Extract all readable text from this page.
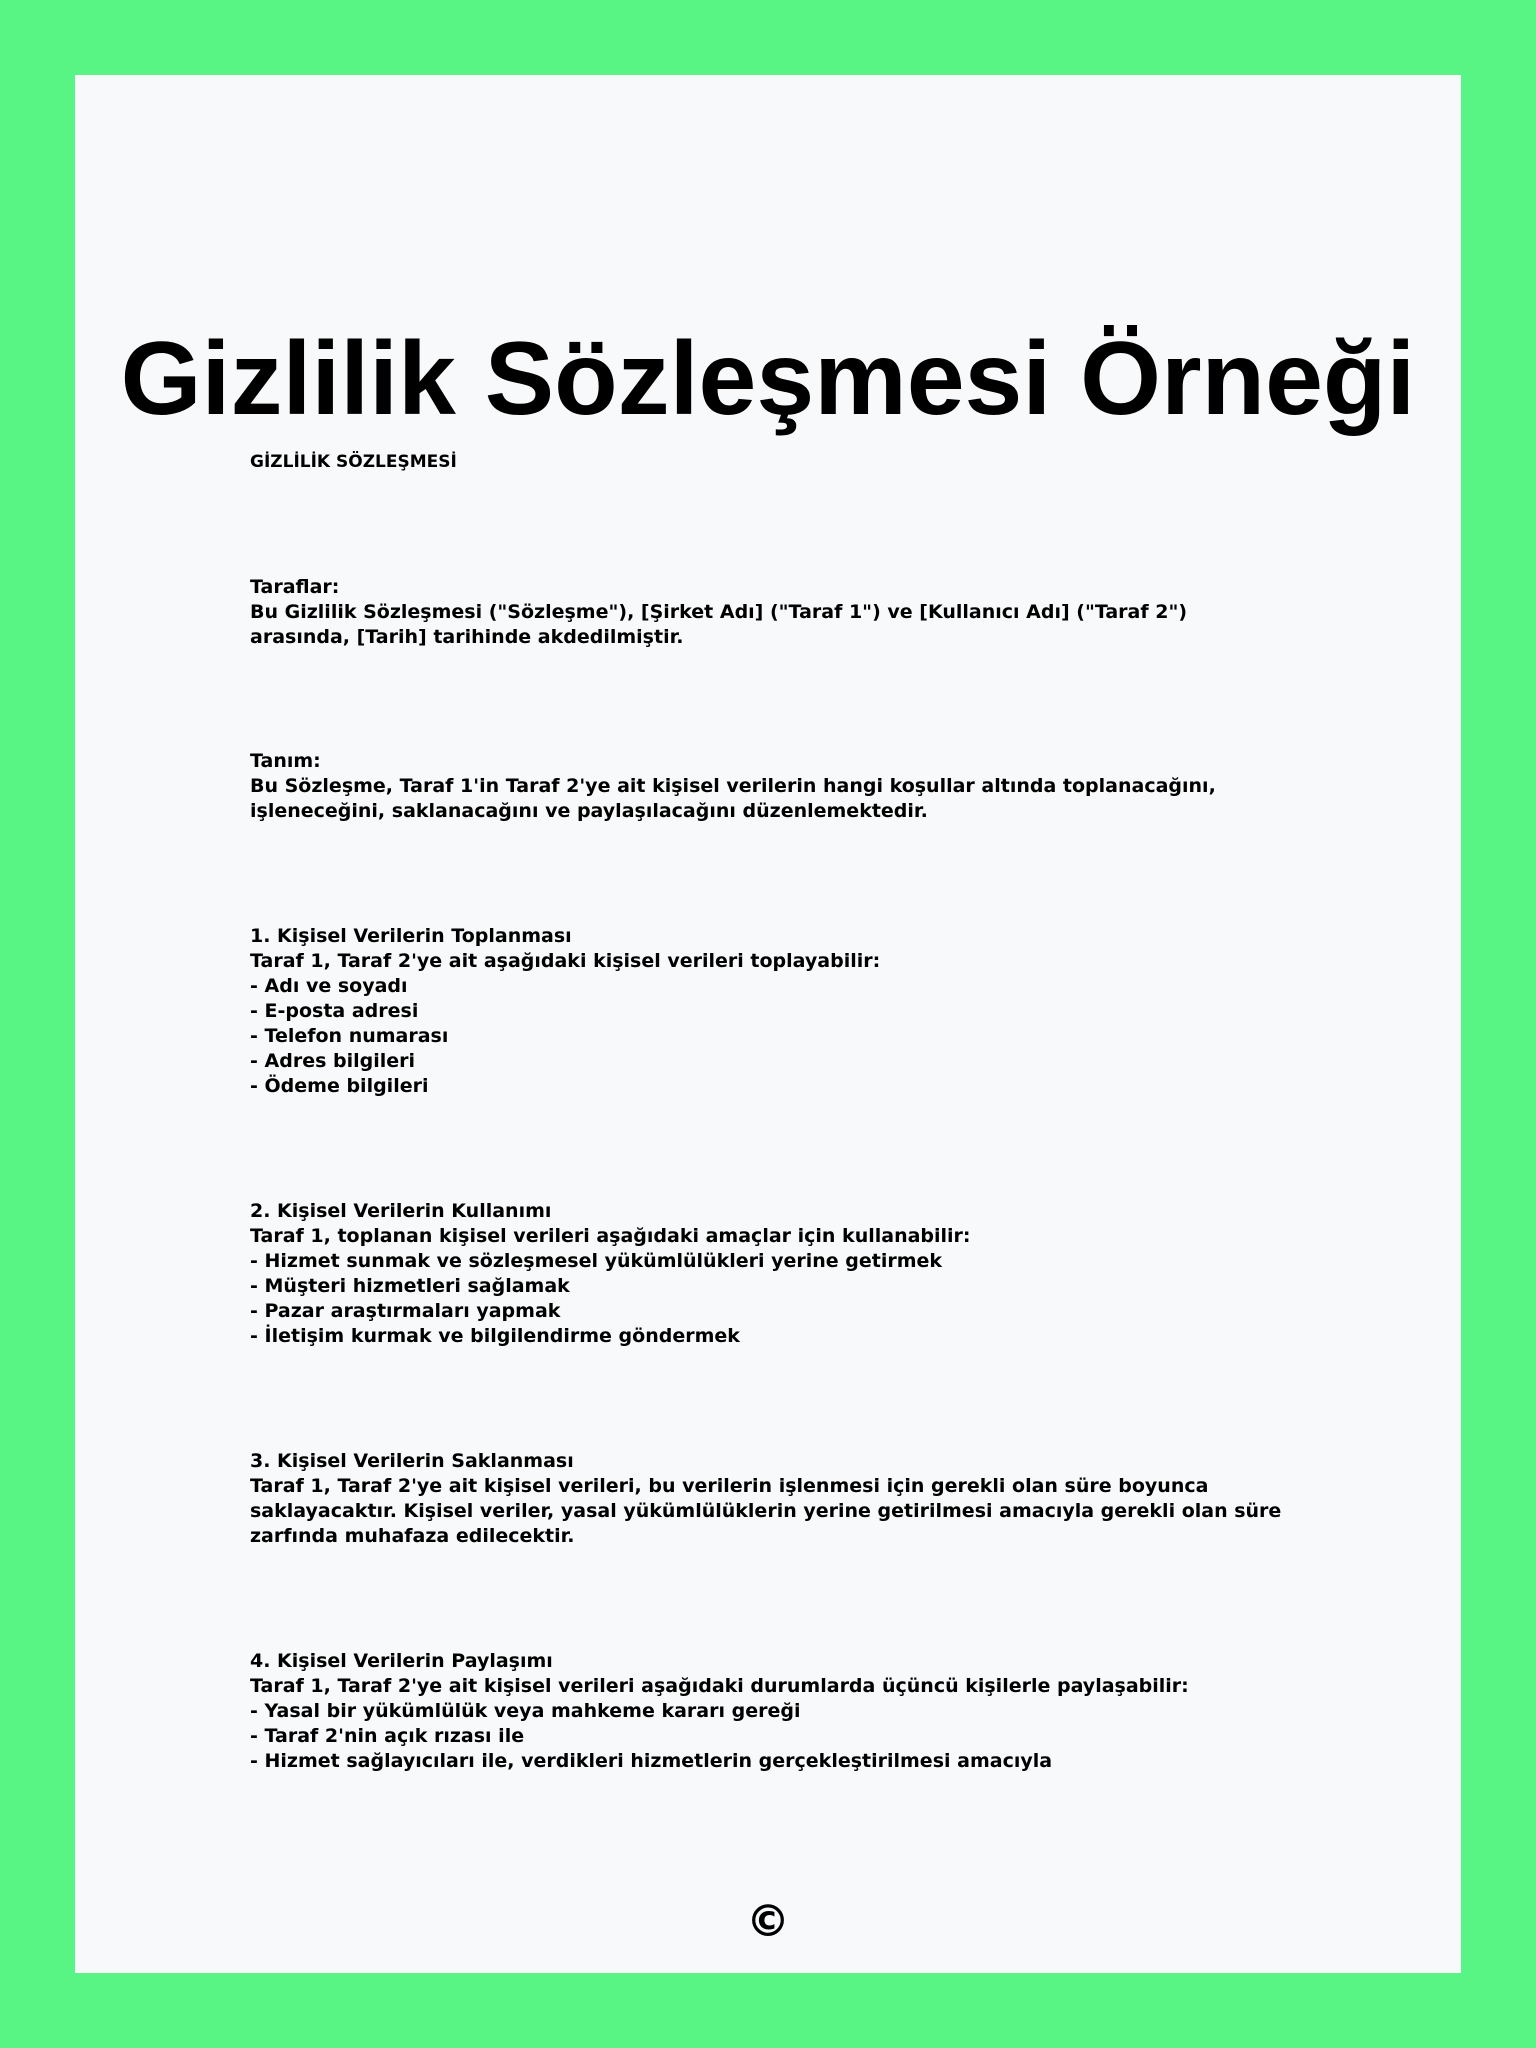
Gizlilik Sözleşmesi Örneği
GİZLİLİK SÖZLEŞMESİ
Taraflar:

Bu Gizlilik Sözleşmesi ("Sözleşme"), [Şirket Adı] ("Taraf 1") ve [Kullanıcı Adı] ("Taraf 2") arasında, [Tarih] tarihinde akdedilmiştir.

Tanım:

Bu Sözleşme, Taraf 1'in Taraf 2'ye ait kişisel verilerin hangi koşullar altında toplanacağını, işleneceğini, saklanacağını ve paylaşılacağını düzenlemektedir.

1. Kişisel Verilerin Toplanması

Taraf 1, Taraf 2'ye ait aşağıdaki kişisel verileri toplayabilir:

- Adı ve soyadı
- E-posta adresi
- Telefon numarası
- Adres bilgileri
- Ödeme bilgileri
2. Kişisel Verilerin Kullanımı

Taraf 1, toplanan kişisel verileri aşağıdaki amaçlar için kullanabilir:

- Hizmet sunmak ve sözleşmesel yükümlülükleri yerine getirmek
- Müşteri hizmetleri sağlamak
- Pazar araştırmaları yapmak
- İletişim kurmak ve bilgilendirme göndermek
3. Kişisel Verilerin Saklanması

Taraf 1, Taraf 2'ye ait kişisel verileri, bu verilerin işlenmesi için gerekli olan süre boyunca saklayacaktır. Kişisel veriler, yasal yükümlülüklerin yerine getirilmesi amacıyla gerekli olan süre zarfında muhafaza edilecektir.

4. Kişisel Verilerin Paylaşımı

Taraf 1, Taraf 2'ye ait kişisel verileri aşağıdaki durumlarda üçüncü kişilerle paylaşabilir:

- Yasal bir yükümlülük veya mahkeme kararı gereği
- Taraf 2'nin açık rızası ile
- Hizmet sağlayıcıları ile, verdikleri hizmetlerin gerçekleştirilmesi amacıyla
©
